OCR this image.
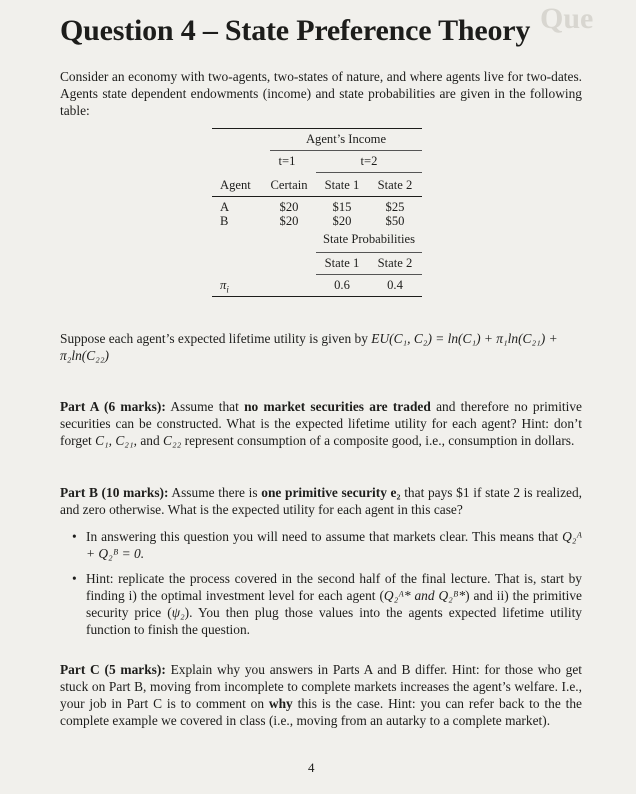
Que
Question 4 – State Preference Theory

Consider an economy with two-agents, two-states of nature, and where agents live for two-dates. Agents state dependent endowments (income) and state probabilities are given in the following table:

Agent’s Income
t=1	t=2
Agent	Certain	State 1	State 2
A	$20	$15	$25
B	$20	$20	$50
State Probabilities
State 1	State 2
$\pi_i$	0.6	0.4

Suppose each agent’s expected lifetime utility is given by EU(C₁, C₂) = ln(C₁) + π₁ln(C₂₁) +
π₂ln(C₂₂)

Part A (6 marks): Assume that no market securities are traded and therefore no primitive securities can be constructed. What is the expected lifetime utility for each agent? Hint: don’t forget C₁, C₂₁, and C₂₂ represent consumption of a composite good, i.e., consumption in dollars.

Part B (10 marks): Assume there is one primitive security e₂ that pays $1 if state 2 is realized, and zero otherwise. What is the expected utility for each agent in this case?

• In answering this question you will need to assume that markets clear. This means that Q₂ᴬ + Q₂ᴮ = 0.
• Hint: replicate the process covered in the second half of the final lecture. That is, start by finding i) the optimal investment level for each agent (Q₂ᴬ* and Q₂ᴮ*) and ii) the primitive security price (ψ₂). You then plug those values into the agents expected lifetime utility function to finish the question.

Part C (5 marks): Explain why you answers in Parts A and B differ. Hint: for those who get stuck on Part B, moving from incomplete to complete markets increases the agent’s welfare. I.e., your job in Part C is to comment on why this is the case. Hint: you can refer back to the the complete example we covered in class (i.e., moving from an autarky to a complete market).

4
